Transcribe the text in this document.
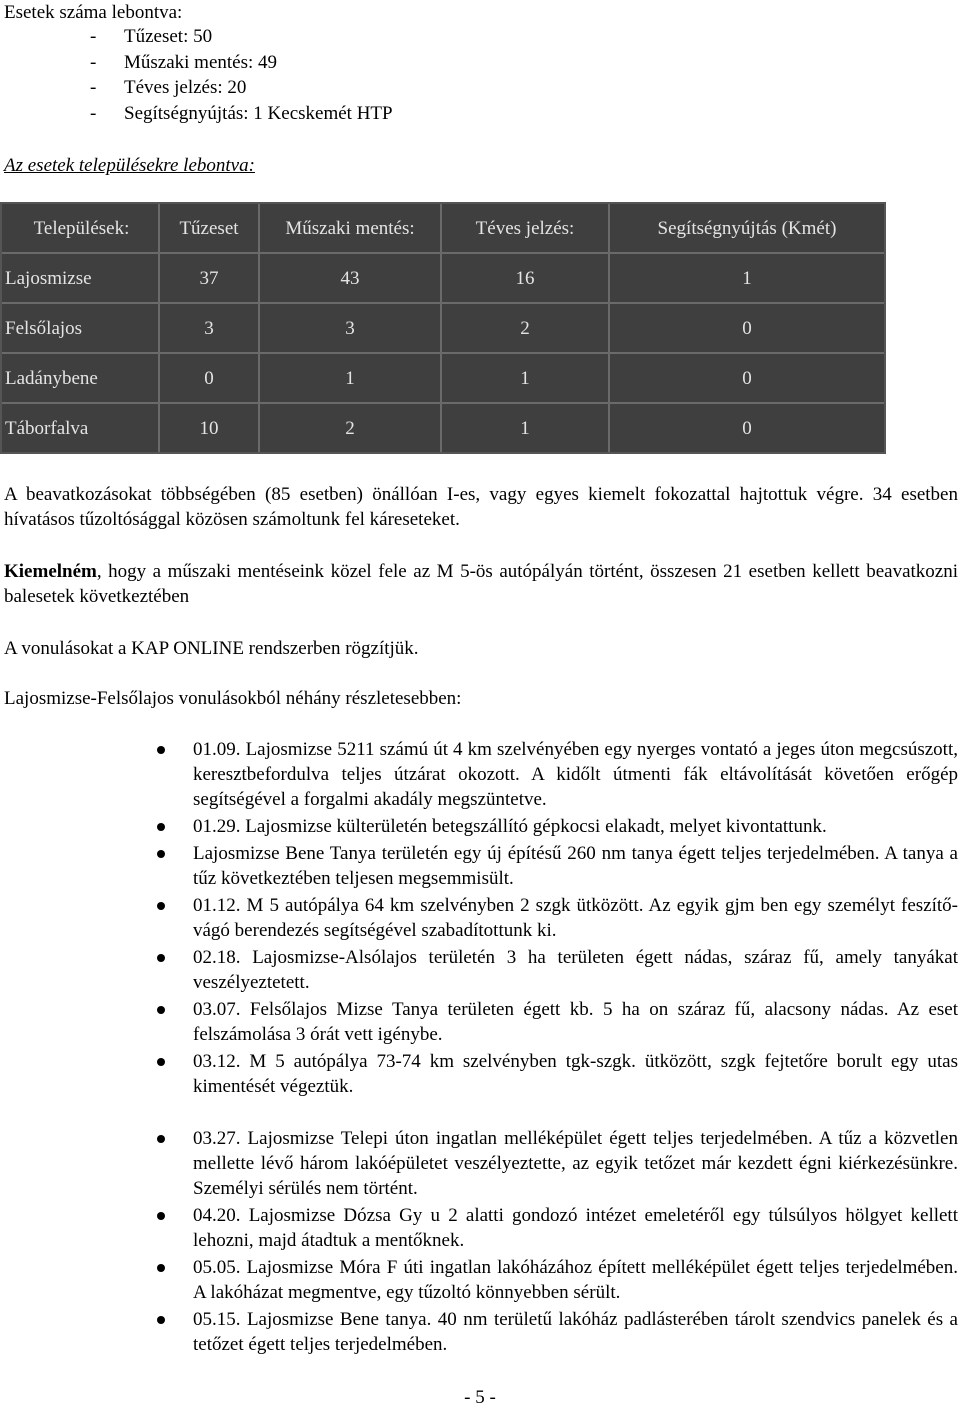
Esetek száma lebontva:
- Tűzeset: 50
- Műszaki mentés: 49
- Téves jelzés: 20
- Segítségnyújtás: 1 Kecskemét HTP
Az esetek településekre lebontva:
Települések:	Tűzeset	Műszaki mentés:	Téves jelzés:	Segítségnyújtás (Kmét)
Lajosmizse	37	43	16	1
Felsőlajos	3	3	2	0
Ladánybene	0	1	1	0
Táborfalva	10	2	1	0
A beavatkozásokat többségében (85 esetben) önállóan I-es, vagy egyes kiemelt fokozattal hajtottuk végre. 34 esetben hívatásos tűzoltósággal közösen számoltunk fel káreseteket.
Kiemelném, hogy a műszaki mentéseink közel fele az M 5-ös autópályán történt, összesen 21 esetben kellett beavatkozni balesetek következtében
A vonulásokat a KAP ONLINE rendszerben rögzítjük.
Lajosmizse-Felsőlajos vonulásokból néhány részletesebben:
01.09. Lajosmizse 5211 számú út 4 km szelvényében egy nyerges vontató a jeges úton megcsúszott, keresztbefordulva teljes útzárat okozott. A kidőlt útmenti fák eltávolítását követően erőgép segítségével a forgalmi akadály megszüntetve.
01.29. Lajosmizse külterületén betegszállító gépkocsi elakadt, melyet kivontattunk.
Lajosmizse Bene Tanya területén egy új építésű 260 nm tanya égett teljes terjedelmében. A tanya a tűz következtében teljesen megsemmisült.
01.12. M 5 autópálya 64 km szelvényben 2 szgk ütközött. Az egyik gjm ben egy személyt feszítő-vágó berendezés segítségével szabadítottunk ki.
02.18. Lajosmizse-Alsólajos területén 3 ha területen égett nádas, száraz fű, amely tanyákat veszélyeztetett.
03.07. Felsőlajos Mizse Tanya területen égett kb. 5 ha on száraz fű, alacsony nádas. Az eset felszámolása 3 órát vett igénybe.
03.12. M 5 autópálya 73-74 km szelvényben tgk-szgk. ütközött, szgk fejtetőre borult egy utas kimentését végeztük.
03.27. Lajosmizse Telepi úton ingatlan melléképület égett teljes terjedelmében. A tűz a közvetlen mellette lévő három lakóépületet veszélyeztette, az egyik tetőzet már kezdett égni kiérkezésünkre. Személyi sérülés nem történt.
04.20. Lajosmizse Dózsa Gy u 2 alatti gondozó intézet emeletéről egy túlsúlyos hölgyet kellett lehozni, majd átadtuk a mentőknek.
05.05. Lajosmizse Móra F úti ingatlan lakóházához épített melléképület égett teljes terjedelmében. A lakóházat megmentve, egy tűzoltó könnyebben sérült.
05.15. Lajosmizse Bene tanya. 40 nm területű lakóház padlásterében tárolt szendvics panelek és a tetőzet égett teljes terjedelmében.
- 5 -
